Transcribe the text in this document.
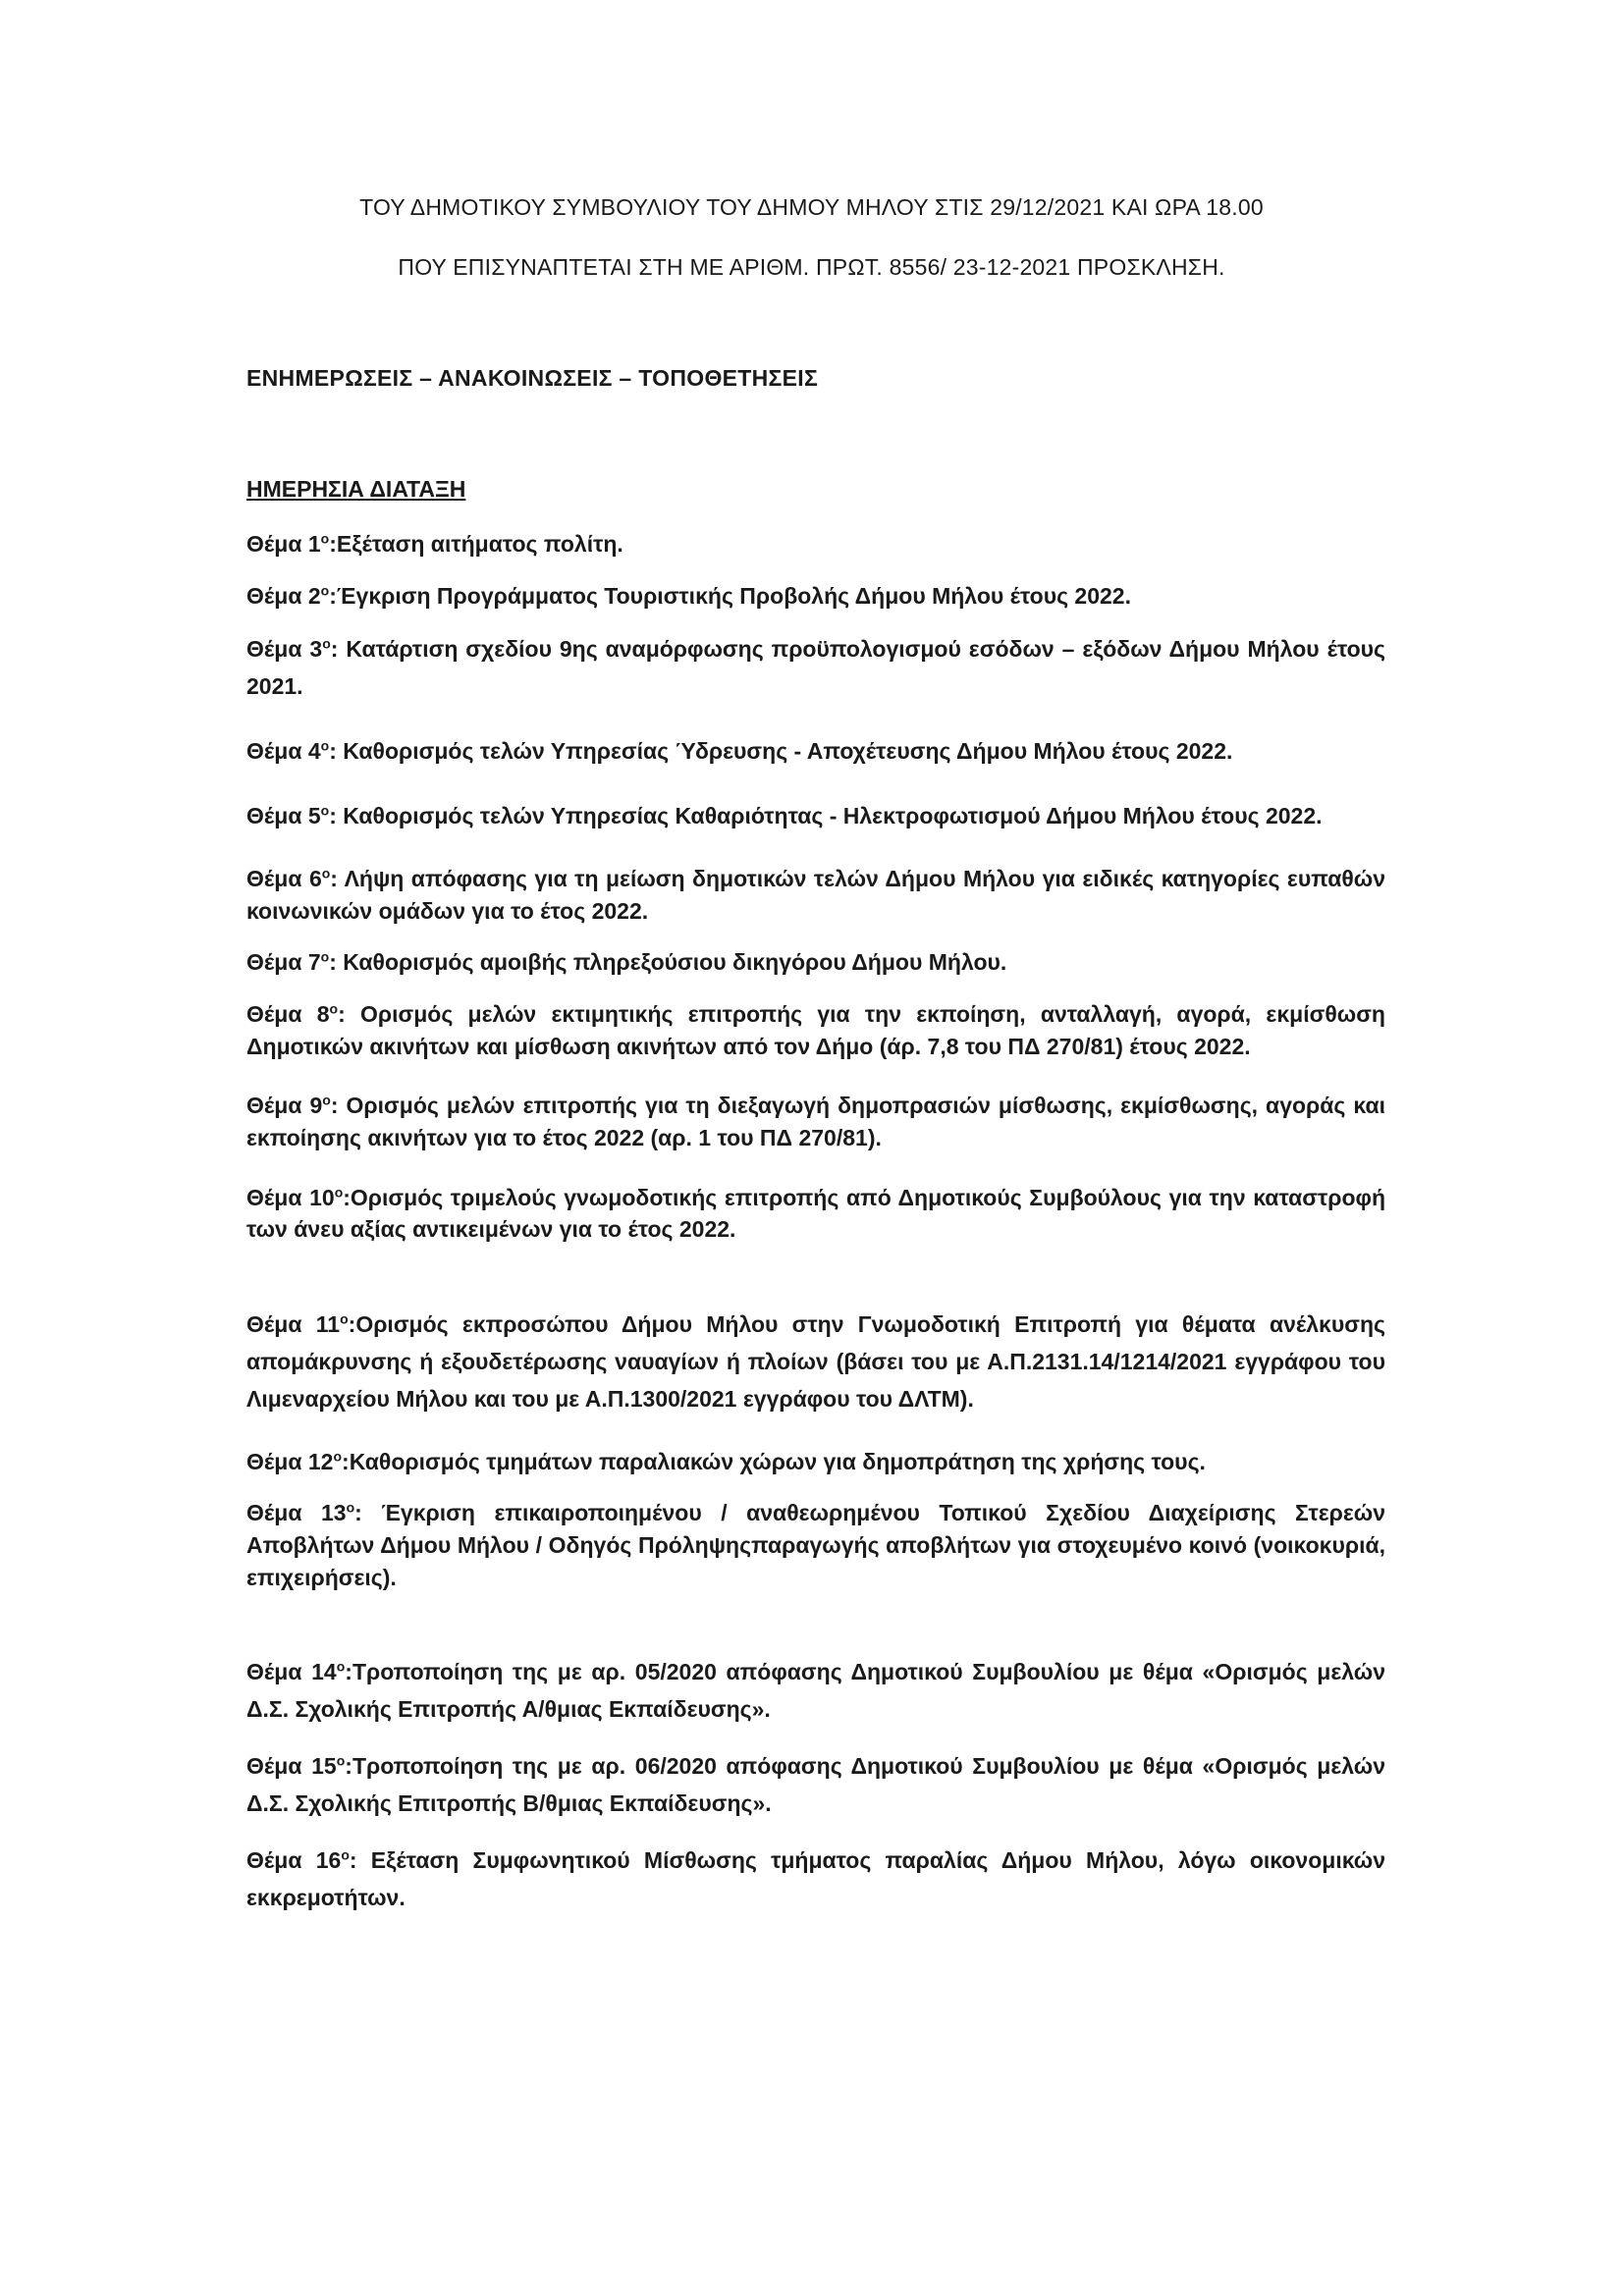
ΤΟΥ ΔΗΜΟΤΙΚΟΥ ΣΥΜΒΟΥΛΙΟΥ ΤΟΥ ΔΗΜΟΥ ΜΗΛΟΥ ΣΤΙΣ 29/12/2021 ΚΑΙ ΩΡΑ 18.00
ΠΟΥ ΕΠΙΣΥΝΑΠΤΕΤΑΙ ΣΤΗ ΜΕ ΑΡΙΘΜ. ΠΡΩΤ. 8556/ 23-12-2021 ΠΡΟΣΚΛΗΣΗ.
ΕΝΗΜΕΡΩΣΕΙΣ – ΑΝΑΚΟΙΝΩΣΕΙΣ – ΤΟΠΟΘΕΤΗΣΕΙΣ
ΗΜΕΡΗΣΙΑ ΔΙΑΤΑΞΗ

Θέμα $1^o:E\xi έ\tau\alpha\sigma\eta$ αιτήματος πολίτη.

Θέμα $2^o:Έ\gamma\kappa\rho\iota\sigma\eta$ Προγράμματος Τουριστικής Προβολής Δήμου Μήλου έτους 2022.

Θέμα $3^o$: Κατάρτιση σχεδίου 9ης αναμόρφωσης προϋπολογισμού εσόδων – εξόδων Δήμου Μήλου έτους 2021.

Θέμα $4^o$: Καθορισμός τελών Υπηρεσίας Ύδρευσης - Αποχέτευσης Δήμου Μήλου έτους 2022.

Θέμα $5^o$: Καθορισμός τελών Υπηρεσίας Καθαριότητας - Ηλεκτροφωτισμού Δήμου Μήλου έτους 2022.

Θέμα $6^o$: Λήψη απόφασης για τη μείωση δημοτικών τελών Δήμου Μήλου για ειδικές κατηγορίες ευπαθών κοινωνικών ομάδων για το έτος 2022.

Θέμα $7^o$: Καθορισμός αμοιβής πληρεξούσιου δικηγόρου Δήμου Μήλου.

Θέμα $8^o$: Ορισμός μελών εκτιμητικής επιτροπής για την εκποίηση, ανταλλαγή, αγορά, εκμίσθωση Δημοτικών ακινήτων και μίσθωση ακινήτων από τον Δήμο (άρ. 7,8 του ΠΔ 270/81) έτους 2022.

Θέμα $9^o$: Ορισμός μελών επιτροπής για τη διεξαγωγή δημοπρασιών μίσθωσης, εκμίσθωσης, αγοράς και εκποίησης ακινήτων για το έτος 2022 (αρ. 1 του ΠΔ 270/81).

Θέμα $10^o:O\rho\iota\sigma\mu ό\varsigma$ τριμελούς γνωμοδοτικής επιτροπής από Δημοτικούς Συμβούλους για την καταστροφή των άνευ αξίας αντικειμένων για το έτος 2022.

Θέμα $11^o:O\rho\iota\sigma\mu ό\varsigma$ εκπροσώπου Δήμου Μήλου στην Γνωμοδοτική Επιτροπή για θέματα ανέλκυσης απομάκρυνσης ή εξουδετέρωσης ναυαγίων ή πλοίων (βάσει του με Α.Π.2131.14/1214/2021 εγγράφου του Λιμεναρχείου Μήλου και του με Α.Π.1300/2021 εγγράφου του ΔΛΤΜ).

Θέμα $12^o:K\alpha\theta o\rho\iota\sigma\mu ό\varsigma$ τμημάτων παραλιακών χώρων για δημοπράτηση της χρήσης τους.

Θέμα $13^o$: Έγκριση επικαιροποιημένου / αναθεωρημένου Τοπικού Σχεδίου Διαχείρισης Στερεών Αποβλήτων Δήμου Μήλου / Οδηγός Πρόληψηςπαραγωγής αποβλήτων για στοχευμένο κοινό (νοικοκυριά, επιχειρήσεις).

Θέμα $14^o:T\rho o\pi o\pi oί\eta\sigma\eta$ της με αρ. 05/2020 απόφασης Δημοτικού Συμβουλίου με θέμα «Ορισμός μελών Δ.Σ. Σχολικής Επιτροπής Α/θμιας Εκπαίδευσης».

Θέμα $15^o:T\rho o\pi o\pi oί\eta\sigma\eta$ της με αρ. 06/2020 απόφασης Δημοτικού Συμβουλίου με θέμα «Ορισμός μελών Δ.Σ. Σχολικής Επιτροπής Β/θμιας Εκπαίδευσης».

Θέμα $16^o$: Εξέταση Συμφωνητικού Μίσθωσης τμήματος παραλίας Δήμου Μήλου, λόγω οικονομικών εκκρεμοτήτων.
